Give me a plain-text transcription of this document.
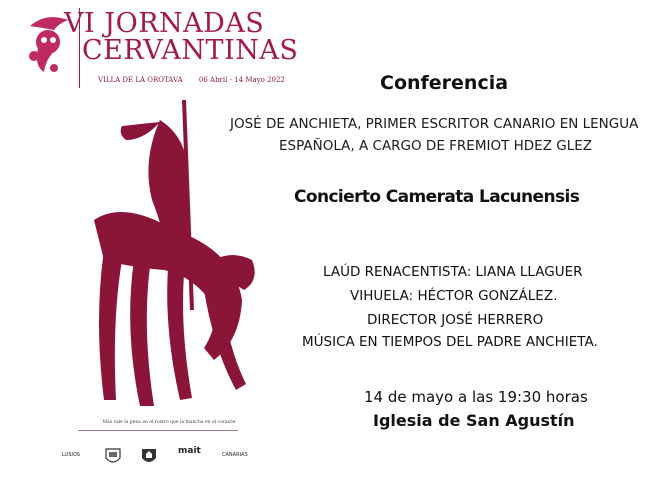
VI JORNADAS
CERVANTINAS
VILLA DE LA OROTAVA 06 Abril - 14 Mayo 2022
Más vale la pena en el rostro que la mancha en el corazón
LUSIOS	mait	CANARIAS
Conferencia
JOSÉ DE ANCHIETA, PRIMER ESCRITOR CANARIO EN LENGUA
ESPAÑOLA, A CARGO DE FREMIOT HDEZ GLEZ
Concierto Camerata Lacunensis
LAÚD RENACENTISTA: LIANA LLAGUER
VIHUELA: HÉCTOR GONZÁLEZ.
DIRECTOR JOSÉ HERRERO
MÚSICA EN TIEMPOS DEL PADRE ANCHIETA.
14 de mayo a las 19:30 horas
Iglesia de San Agustín
